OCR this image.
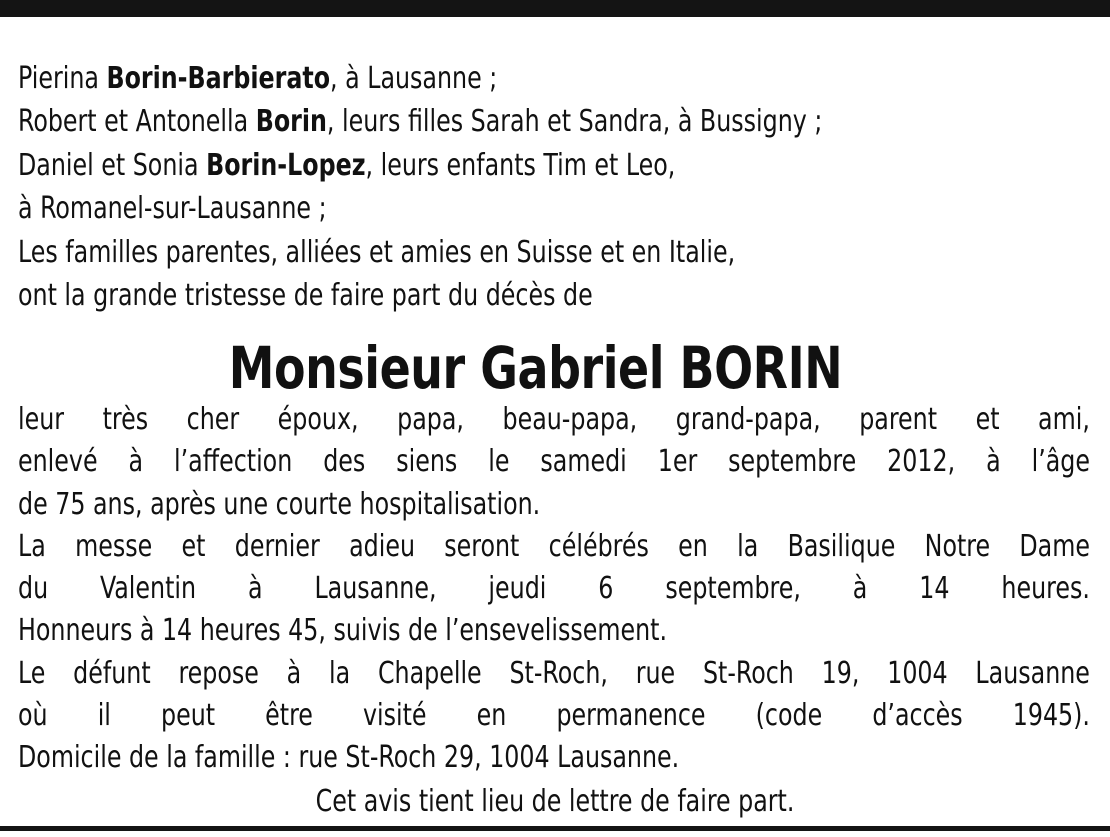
Pierina Borin-Barbierato, à Lausanne ;
Robert et Antonella Borin, leurs filles Sarah et Sandra, à Bussigny ;
Daniel et Sonia Borin-Lopez, leurs enfants Tim et Leo,
à Romanel-sur-Lausanne ;
Les familles parentes, alliées et amies en Suisse et en Italie,
ont la grande tristesse de faire part du décès de
Monsieur Gabriel BORIN
leur très cher époux, papa, beau-papa, grand-papa, parent et ami,
enlevé à l’affection des siens le samedi 1er septembre 2012, à l’âge
de 75 ans, après une courte hospitalisation.
La messe et dernier adieu seront célébrés en la Basilique Notre Dame
du Valentin à Lausanne, jeudi 6 septembre, à 14 heures.
Honneurs à 14 heures 45, suivis de l’ensevelissement.
Le défunt repose à la Chapelle St-Roch, rue St-Roch 19, 1004 Lausanne
où il peut être visité en permanence (code d’accès 1945).
Domicile de la famille : rue St-Roch 29, 1004 Lausanne.
Cet avis tient lieu de lettre de faire part.
